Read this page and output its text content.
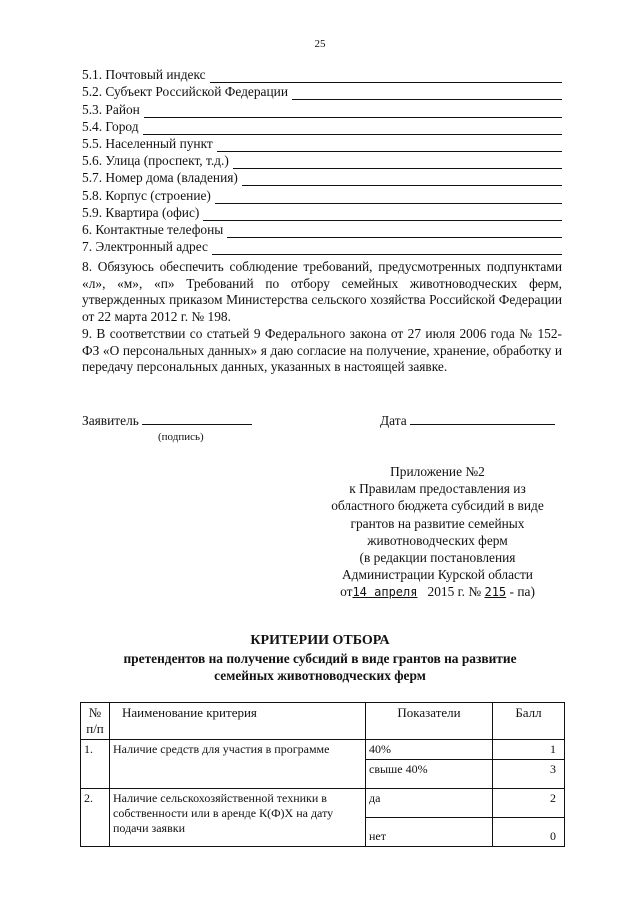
25
5.1. Почтовый индекс
5.2. Субъект Российской Федерации
5.3. Район
5.4. Город
5.5. Населенный пункт
5.6. Улица (проспект, т.д.)
5.7. Номер дома (владения)
5.8. Корпус (строение)
5.9. Квартира (офис)
6. Контактные телефоны
7. Электронный адрес
8. Обязуюсь обеспечить соблюдение требований, предусмотренных подпунктами «л», «м», «п» Требований по отбору семейных животноводческих ферм, утвержденных приказом Министерства сельского хозяйства Российской Федерации от 22 марта 2012 г. № 198.
9. В соответствии со статьей 9 Федерального закона от 27 июля 2006 года № 152-ФЗ «О персональных данных» я даю согласие на получение, хранение, обработку и передачу персональных данных, указанных в настоящей заявке.
Заявитель
(подпись)
Дата
Приложение №2
к Правилам предоставления из
областного бюджета субсидий в виде
грантов на развитие семейных
животноводческих ферм
(в редакции постановления
Администрации Курской области
от14 апреля 2015 г. № 215 - па)
КРИТЕРИИ ОТБОРА
претендентов на получение субсидий в виде грантов на развитие
семейных животноводческих ферм
№ п/п	Наименование критерия	Показатели	Балл
1.	Наличие средств для участия в программе	40%	1
		свыше 40%	3
2.	Наличие сельскохозяйственной техники в собственности или в аренде К(Ф)Х на дату подачи заявки	да	2
		нет	0
